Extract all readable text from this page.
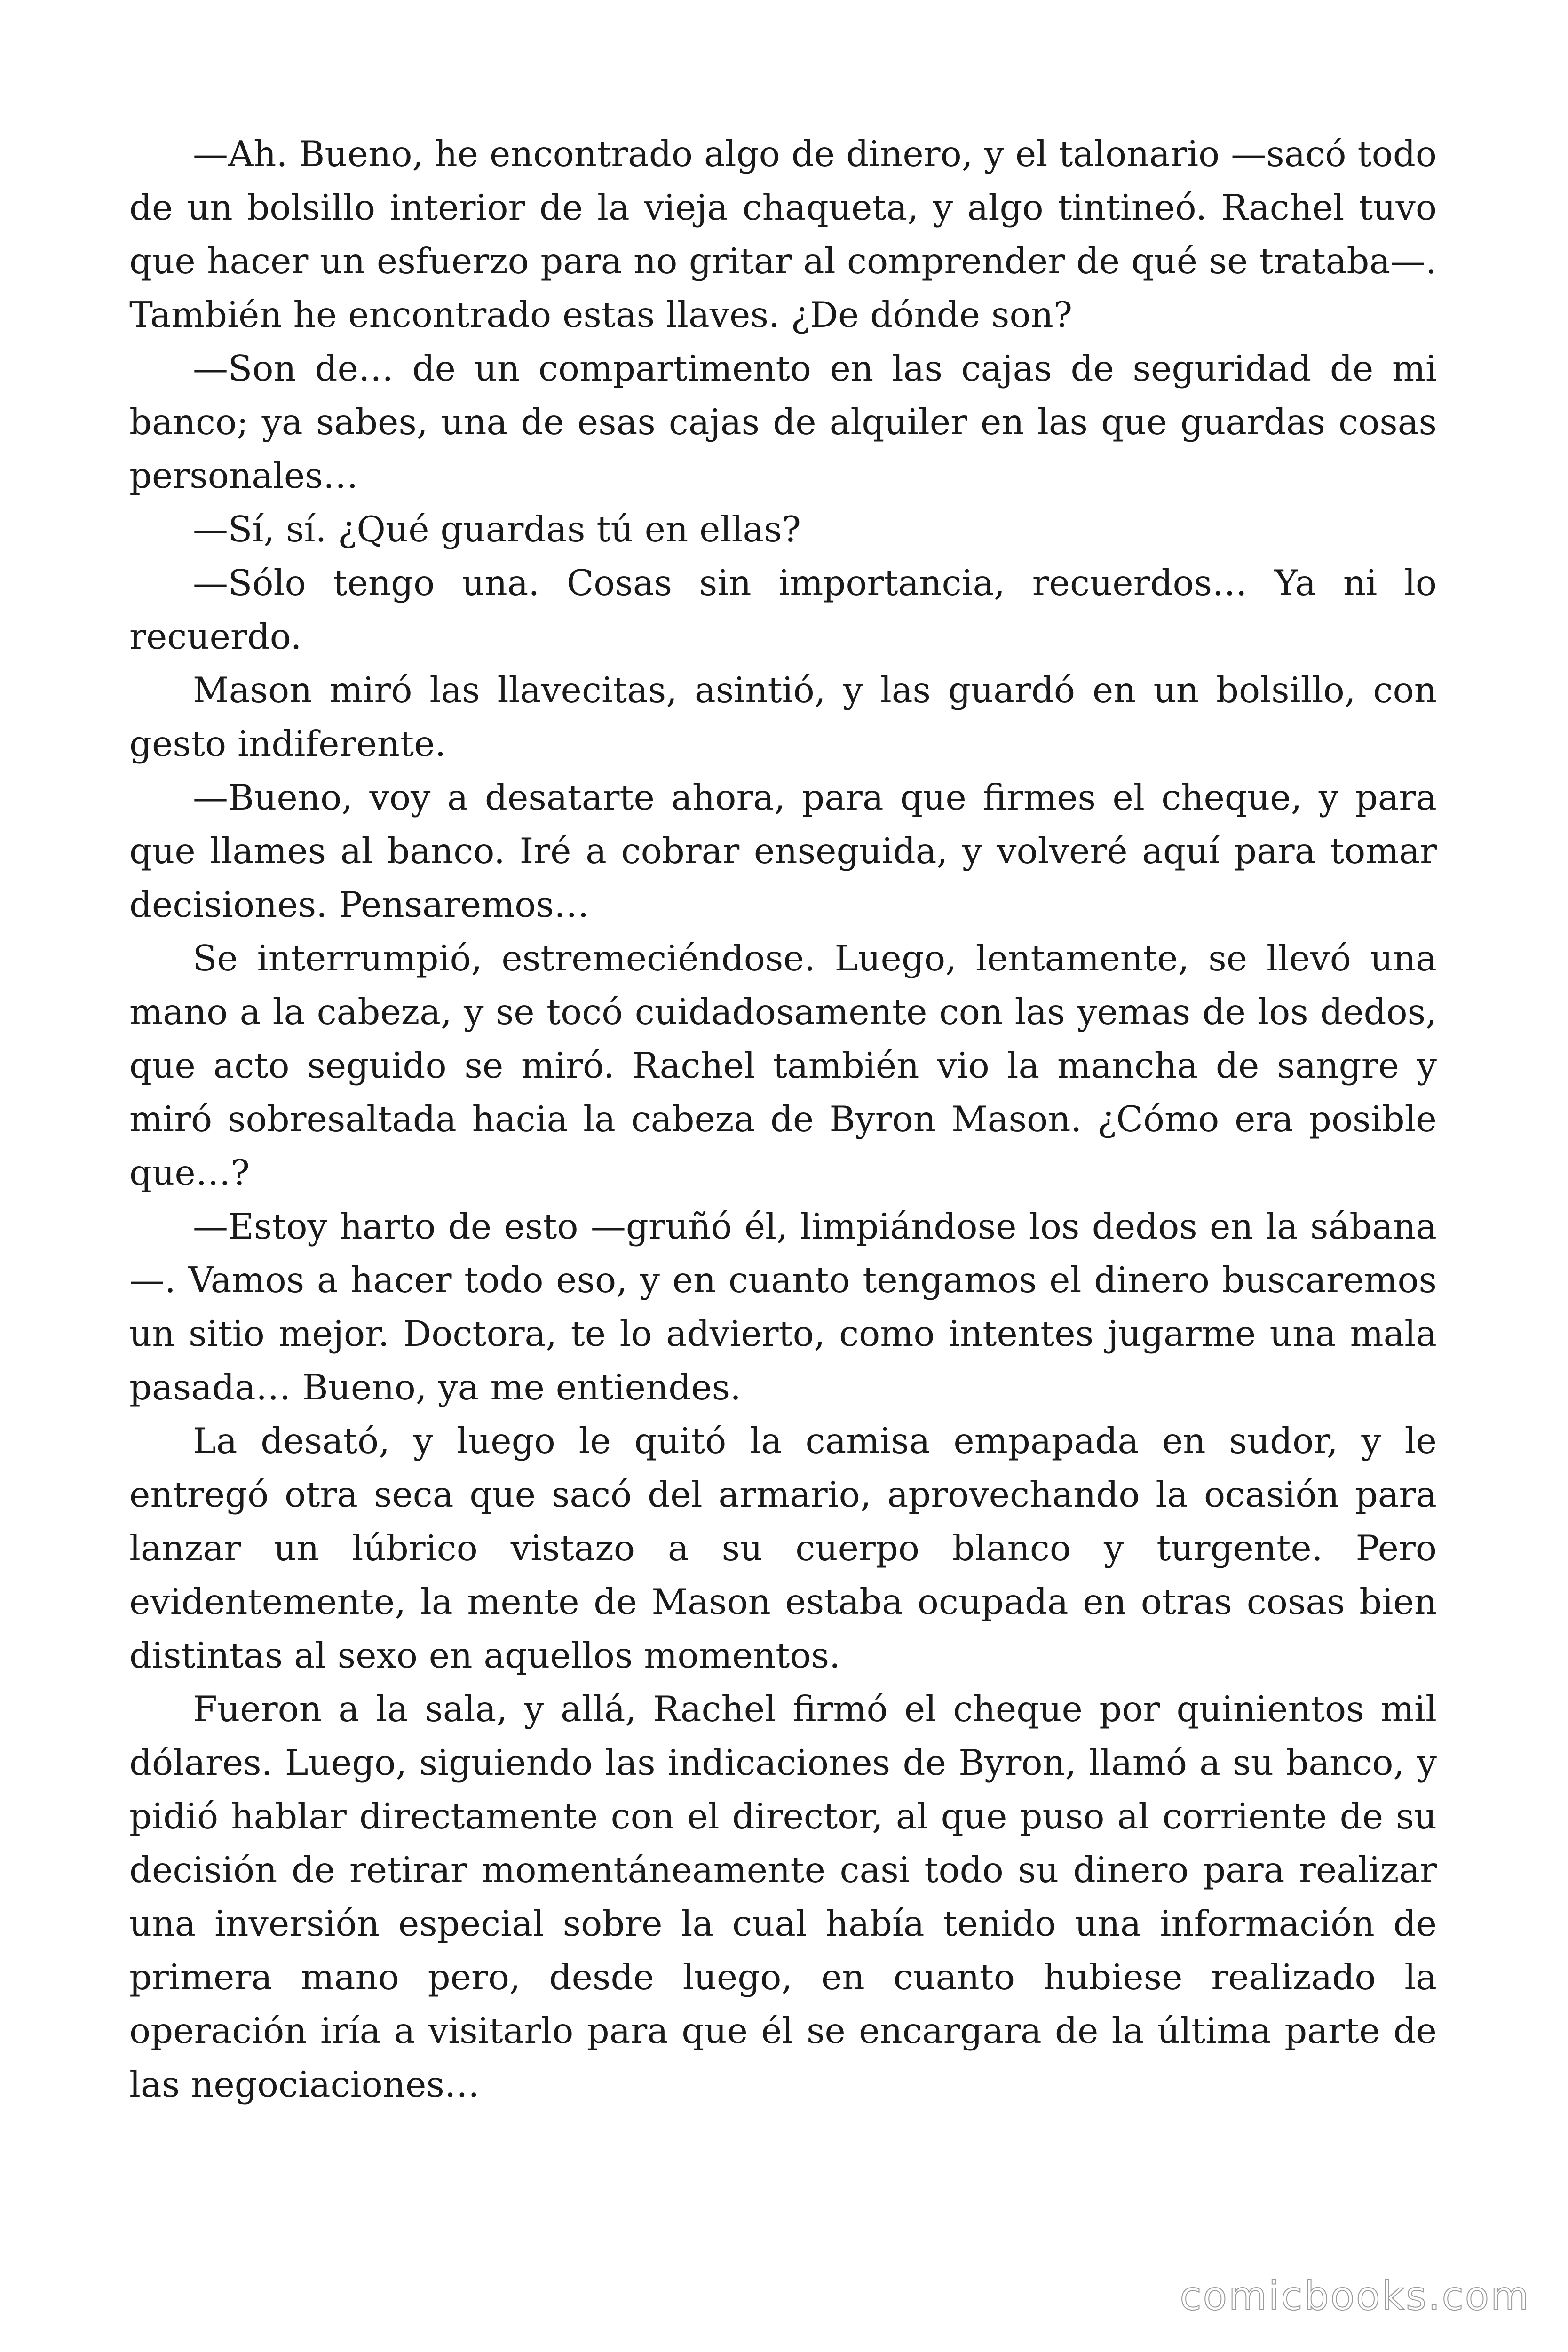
—Ah. Bueno, he encontrado algo de dinero, y el talonario —sacó todo de un bolsillo interior de la vieja chaqueta, y algo tintineó. Rachel tuvo que hacer un esfuerzo para no gritar al comprender de qué se trataba—. También he encontrado estas llaves. ¿De dónde son?

—Son de… de un compartimento en las cajas de seguridad de mi banco; ya sabes, una de esas cajas de alquiler en las que guardas cosas personales…

—Sí, sí. ¿Qué guardas tú en ellas?

—Sólo tengo una. Cosas sin importancia, recuerdos… Ya ni lo recuerdo.

Mason miró las llavecitas, asintió, y las guardó en un bolsillo, con gesto indiferente.

—Bueno, voy a desatarte ahora, para que firmes el cheque, y para que llames al banco. Iré a cobrar enseguida, y volveré aquí para tomar decisiones. Pensaremos…

Se interrumpió, estremeciéndose. Luego, lentamente, se llevó una mano a la cabeza, y se tocó cuidadosamente con las yemas de los dedos, que acto seguido se miró. Rachel también vio la mancha de sangre y miró sobresaltada hacia la cabeza de Byron Mason. ¿Cómo era posible que…?

—Estoy harto de esto —gruñó él, limpiándose los dedos en la sábana—. Vamos a hacer todo eso, y en cuanto tengamos el dinero buscaremos un sitio mejor. Doctora, te lo advierto, como intentes jugarme una mala pasada… Bueno, ya me entiendes.

La desató, y luego le quitó la camisa empapada en sudor, y le entregó otra seca que sacó del armario, aprovechando la ocasión para lanzar un lúbrico vistazo a su cuerpo blanco y turgente. Pero evidentemente, la mente de Mason estaba ocupada en otras cosas bien distintas al sexo en aquellos momentos.

Fueron a la sala, y allá, Rachel firmó el cheque por quinientos mil dólares. Luego, siguiendo las indicaciones de Byron, llamó a su banco, y pidió hablar directamente con el director, al que puso al corriente de su decisión de retirar momentáneamente casi todo su dinero para realizar una inversión especial sobre la cual había tenido una información de primera mano pero, desde luego, en cuanto hubiese realizado la operación iría a visitarlo para que él se encargara de la última parte de las negociaciones…

comicbooks.com
